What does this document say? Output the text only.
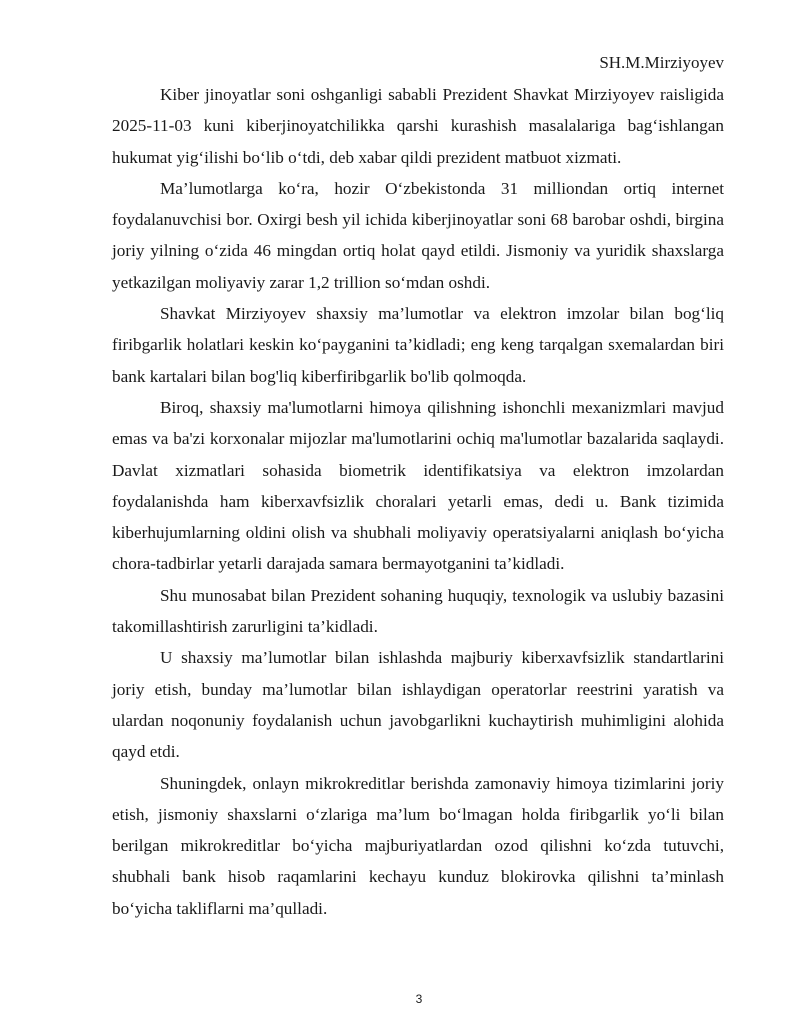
SH.M.Mirziyoyev

Kiber jinoyatlar soni oshganligi sababli Prezident Shavkat Mirziyoyev raisligida 2025-11-03 kuni kiberjinoyatchilikka qarshi kurashish masalalariga bag‘ishlangan hukumat yig‘ilishi bo‘lib o‘tdi, deb xabar qildi prezident matbuot xizmati.

Ma’lumotlarga ko‘ra, hozir O‘zbekistonda 31 milliondan ortiq internet foydalanuvchisi bor. Oxirgi besh yil ichida kiberjinoyatlar soni 68 barobar oshdi, birgina joriy yilning o‘zida 46 mingdan ortiq holat qayd etildi. Jismoniy va yuridik shaxslarga yetkazilgan moliyaviy zarar 1,2 trillion so‘mdan oshdi.

Shavkat Mirziyoyev shaxsiy ma’lumotlar va elektron imzolar bilan bog‘liq firibgarlik holatlari keskin ko‘payganini ta’kidladi; eng keng tarqalgan sxemalardan biri bank kartalari bilan bog'liq kiberfiribgarlik bo'lib qolmoqda.

Biroq, shaxsiy ma'lumotlarni himoya qilishning ishonchli mexanizmlari mavjud emas va ba'zi korxonalar mijozlar ma'lumotlarini ochiq ma'lumotlar bazalarida saqlaydi. Davlat xizmatlari sohasida biometrik identifikatsiya va elektron imzolardan foydalanishda ham kiberxavfsizlik choralari yetarli emas, dedi u. Bank tizimida kiberhujumlarning oldini olish va shubhali moliyaviy operatsiyalarni aniqlash bo‘yicha chora-tadbirlar yetarli darajada samara bermayotganini ta’kidladi.

Shu munosabat bilan Prezident sohaning huquqiy, texnologik va uslubiy bazasini takomillashtirish zarurligini ta’kidladi.

U shaxsiy ma’lumotlar bilan ishlashda majburiy kiberxavfsizlik standartlarini joriy etish, bunday ma’lumotlar bilan ishlaydigan operatorlar reestrini yaratish va ulardan noqonuniy foydalanish uchun javobgarlikni kuchaytirish muhimligini alohida qayd etdi.

Shuningdek, onlayn mikrokreditlar berishda zamonaviy himoya tizimlarini joriy etish, jismoniy shaxslarni o‘zlariga ma’lum bo‘lmagan holda firibgarlik yo‘li bilan berilgan mikrokreditlar bo‘yicha majburiyatlardan ozod qilishni ko‘zda tutuvchi, shubhali bank hisob raqamlarini kechayu kunduz blokirovka qilishni ta’minlash bo‘yicha takliflarni ma’qulladi.

3
